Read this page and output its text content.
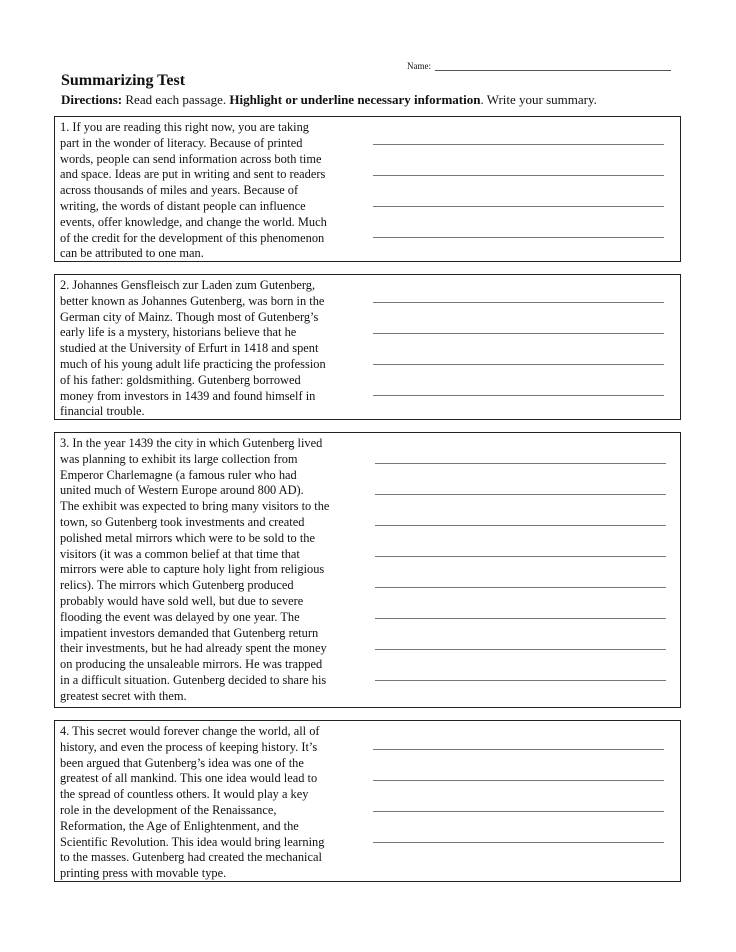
Name:
Summarizing Test

Directions: Read each passage. Highlight or underline necessary information. Write your summary.

1. If you are reading this right now, you are taking
part in the wonder of literacy. Because of printed
words, people can send information across both time
and space. Ideas are put in writing and sent to readers
across thousands of miles and years. Because of
writing, the words of distant people can influence
events, offer knowledge, and change the world. Much
of the credit for the development of this phenomenon
can be attributed to one man.

2. Johannes Gensfleisch zur Laden zum Gutenberg,
better known as Johannes Gutenberg, was born in the
German city of Mainz. Though most of Gutenberg’s
early life is a mystery, historians believe that he
studied at the University of Erfurt in 1418 and spent
much of his young adult life practicing the profession
of his father: goldsmithing. Gutenberg borrowed
money from investors in 1439 and found himself in
financial trouble.

3. In the year 1439 the city in which Gutenberg lived
was planning to exhibit its large collection from
Emperor Charlemagne (a famous ruler who had
united much of Western Europe around 800 AD).
The exhibit was expected to bring many visitors to the
town, so Gutenberg took investments and created
polished metal mirrors which were to be sold to the
visitors (it was a common belief at that time that
mirrors were able to capture holy light from religious
relics). The mirrors which Gutenberg produced
probably would have sold well, but due to severe
flooding the event was delayed by one year. The
impatient investors demanded that Gutenberg return
their investments, but he had already spent the money
on producing the unsaleable mirrors. He was trapped
in a difficult situation. Gutenberg decided to share his
greatest secret with them.

4. This secret would forever change the world, all of
history, and even the process of keeping history. It’s
been argued that Gutenberg’s idea was one of the
greatest of all mankind. This one idea would lead to
the spread of countless others. It would play a key
role in the development of the Renaissance,
Reformation, the Age of Enlightenment, and the
Scientific Revolution. This idea would bring learning
to the masses. Gutenberg had created the mechanical
printing press with movable type.
